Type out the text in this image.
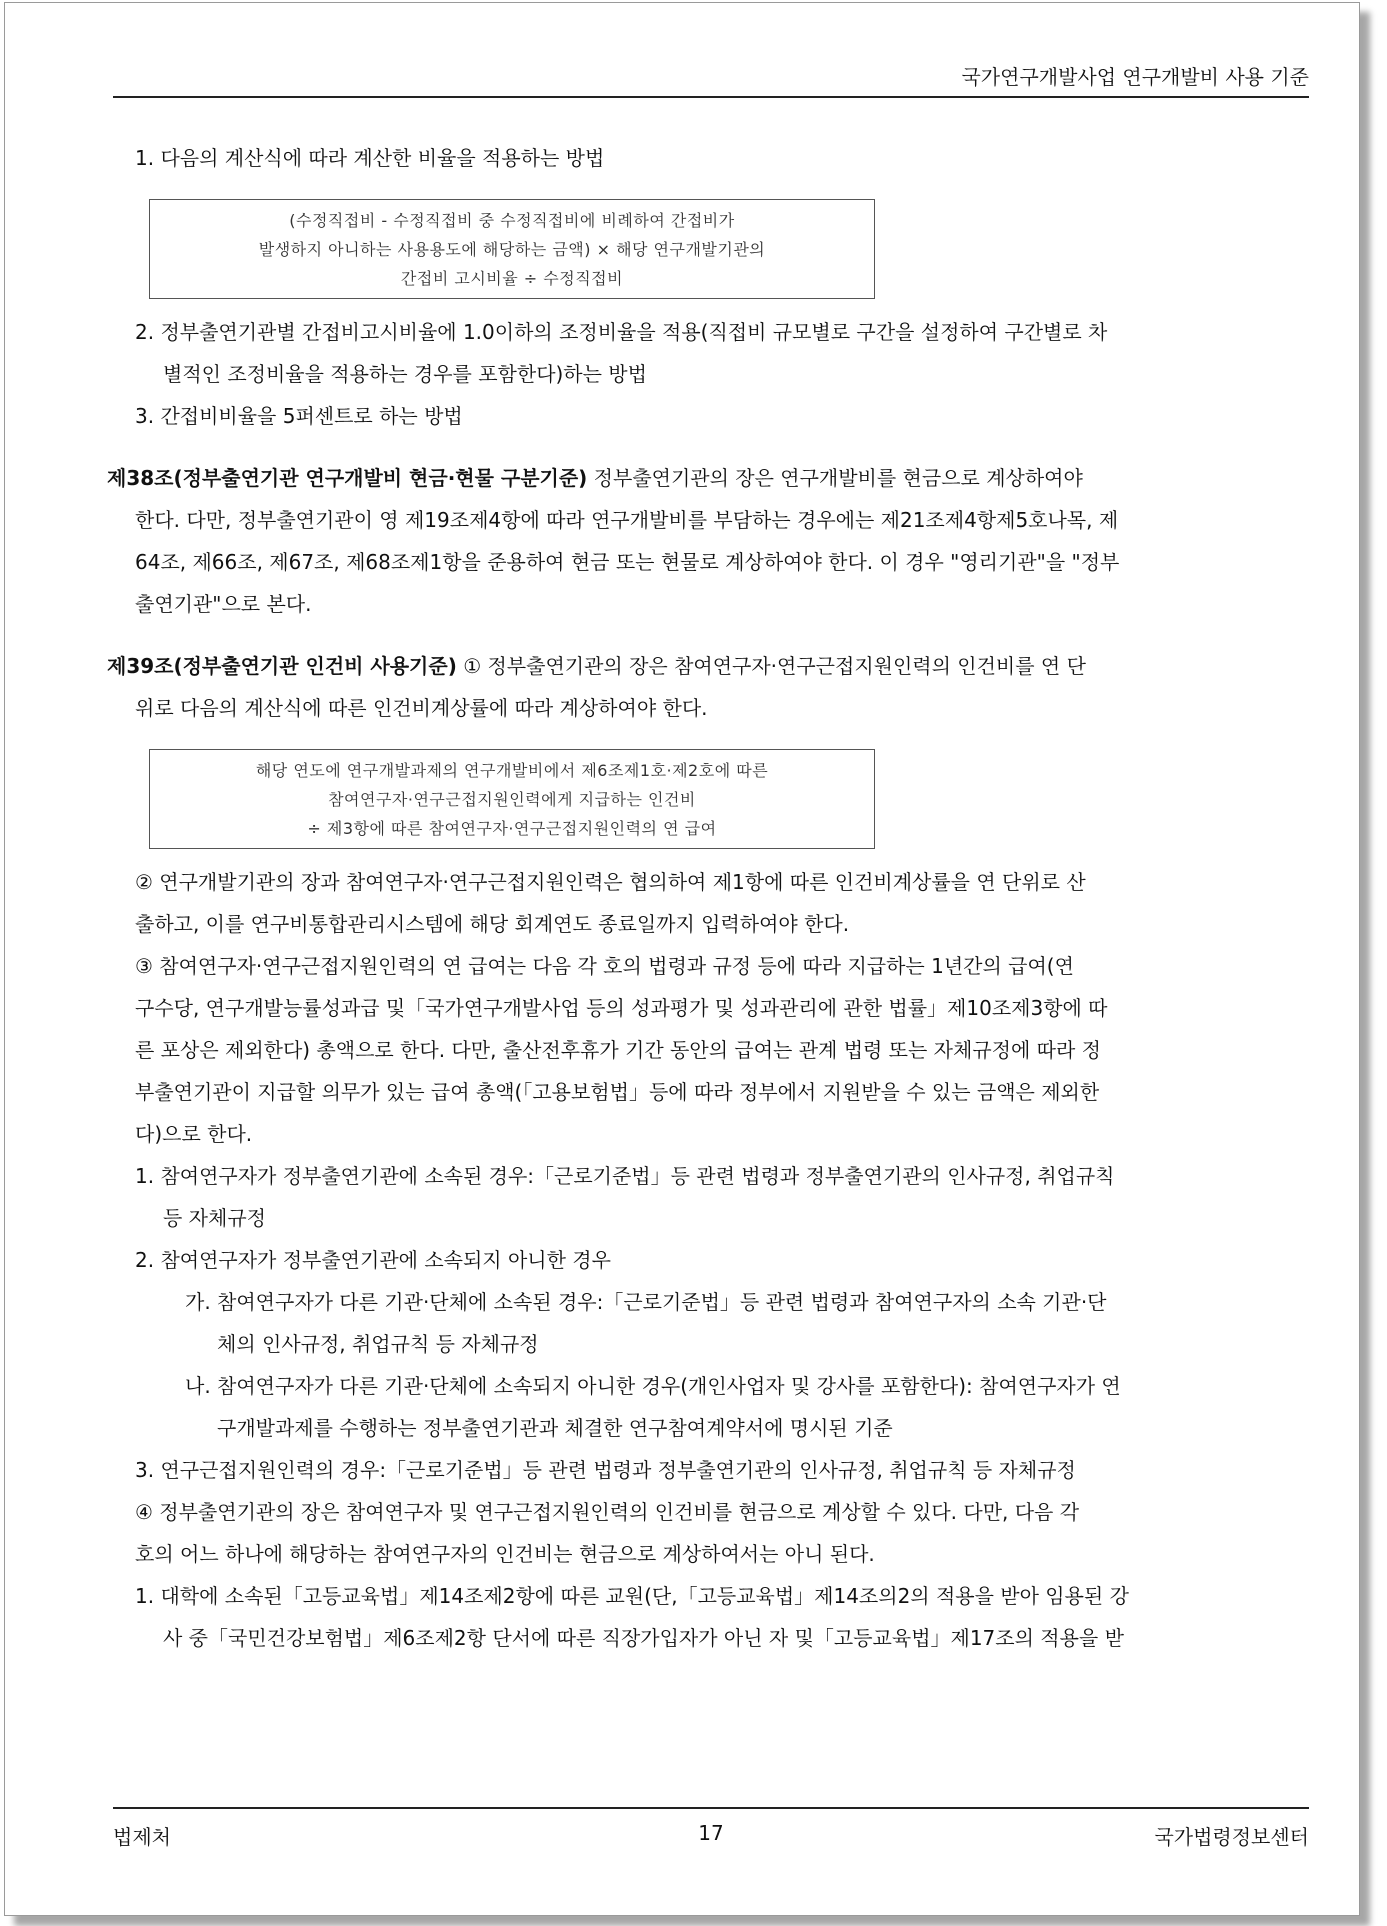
국가연구개발사업 연구개발비 사용 기준

1. 다음의 계산식에 따라 계산한 비율을 적용하는 방법

(수정직접비 - 수정직접비 중 수정직접비에 비례하여 간접비가
발생하지 아니하는 사용용도에 해당하는 금액) × 해당 연구개발기관의
간접비 고시비율 ÷ 수정직접비

2. 정부출연기관별 간접비고시비율에 1.0이하의 조정비율을 적용(직접비 규모별로 구간을 설정하여 구간별로 차

별적인 조정비율을 적용하는 경우를 포함한다)하는 방법

3. 간접비비율을 5퍼센트로 하는 방법

제38조(정부출연기관 연구개발비 현금·현물 구분기준) 정부출연기관의 장은 연구개발비를 현금으로 계상하여야

한다. 다만, 정부출연기관이 영 제19조제4항에 따라 연구개발비를 부담하는 경우에는 제21조제4항제5호나목, 제

64조, 제66조, 제67조, 제68조제1항을 준용하여 현금 또는 현물로 계상하여야 한다. 이 경우 "영리기관"을 "정부

출연기관"으로 본다.

제39조(정부출연기관 인건비 사용기준) ① 정부출연기관의 장은 참여연구자·연구근접지원인력의 인건비를 연 단

위로 다음의 계산식에 따른 인건비계상률에 따라 계상하여야 한다.

해당 연도에 연구개발과제의 연구개발비에서 제6조제1호·제2호에 따른
참여연구자·연구근접지원인력에게 지급하는 인건비
÷ 제3항에 따른 참여연구자·연구근접지원인력의 연 급여

② 연구개발기관의 장과 참여연구자·연구근접지원인력은 협의하여 제1항에 따른 인건비계상률을 연 단위로 산

출하고, 이를 연구비통합관리시스템에 해당 회계연도 종료일까지 입력하여야 한다.

③ 참여연구자·연구근접지원인력의 연 급여는 다음 각 호의 법령과 규정 등에 따라 지급하는 1년간의 급여(연

구수당, 연구개발능률성과급 및「국가연구개발사업 등의 성과평가 및 성과관리에 관한 법률」제10조제3항에 따

른 포상은 제외한다) 총액으로 한다. 다만, 출산전후휴가 기간 동안의 급여는 관계 법령 또는 자체규정에 따라 정

부출연기관이 지급할 의무가 있는 급여 총액(「고용보험법」등에 따라 정부에서 지원받을 수 있는 금액은 제외한

다)으로 한다.

1. 참여연구자가 정부출연기관에 소속된 경우:「근로기준법」등 관련 법령과 정부출연기관의 인사규정, 취업규칙

등 자체규정

2. 참여연구자가 정부출연기관에 소속되지 아니한 경우

가. 참여연구자가 다른 기관·단체에 소속된 경우:「근로기준법」등 관련 법령과 참여연구자의 소속 기관·단

체의 인사규정, 취업규칙 등 자체규정

나. 참여연구자가 다른 기관·단체에 소속되지 아니한 경우(개인사업자 및 강사를 포함한다): 참여연구자가 연

구개발과제를 수행하는 정부출연기관과 체결한 연구참여계약서에 명시된 기준

3. 연구근접지원인력의 경우:「근로기준법」등 관련 법령과 정부출연기관의 인사규정, 취업규칙 등 자체규정

④ 정부출연기관의 장은 참여연구자 및 연구근접지원인력의 인건비를 현금으로 계상할 수 있다. 다만, 다음 각

호의 어느 하나에 해당하는 참여연구자의 인건비는 현금으로 계상하여서는 아니 된다.

1. 대학에 소속된「고등교육법」제14조제2항에 따른 교원(단,「고등교육법」제14조의2의 적용을 받아 임용된 강

사 중「국민건강보험법」제6조제2항 단서에 따른 직장가입자가 아닌 자 및「고등교육법」제17조의 적용을 받

법제처	17	국가법령정보센터
